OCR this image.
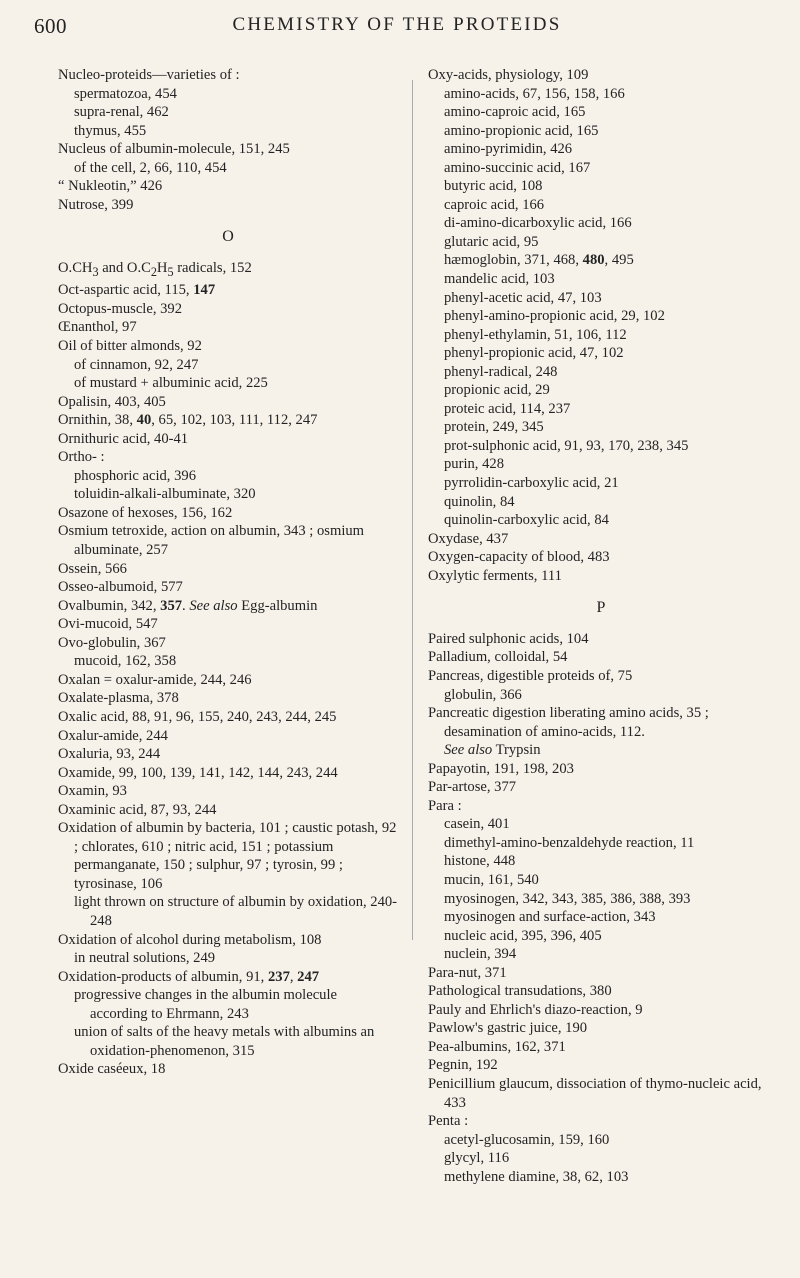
600	CHEMISTRY OF THE PROTEIDS
Nucleo-proteids—varieties of :
spermatozoa, 454
supra-renal, 462
thymus, 455
Nucleus of albumin-molecule, 151, 245
of the cell, 2, 66, 110, 454
“ Nukleotin,” 426
Nutrose, 399
O
$O.CH_3$ and $O.C_2H_5$ radicals, 152
Oct-aspartic acid, 115, 147
Octopus-muscle, 392
Œnanthol, 97
Oil of bitter almonds, 92
of cinnamon, 92, 247
of mustard + albuminic acid, 225
Opalisin, 403, 405
Ornithin, 38, 40, 65, 102, 103, 111, 112, 247
Ornithuric acid, 40-41
Ortho- :
phosphoric acid, 396
toluidin-alkali-albuminate, 320
Osazone of hexoses, 156, 162
Osmium tetroxide, action on albumin, 343 ; osmium albuminate, 257
Ossein, 566
Osseo-albumoid, 577
Ovalbumin, 342, 357. See also Egg-albumin
Ovi-mucoid, 547
Ovo-globulin, 367
mucoid, 162, 358
Oxalan = oxalur-amide, 244, 246
Oxalate-plasma, 378
Oxalic acid, 88, 91, 96, 155, 240, 243, 244, 245
Oxalur-amide, 244
Oxaluria, 93, 244
Oxamide, 99, 100, 139, 141, 142, 144, 243, 244
Oxamin, 93
Oxaminic acid, 87, 93, 244
Oxidation of albumin by bacteria, 101 ; caustic potash, 92 ; chlorates, 610 ; nitric acid, 151 ; potassium permanganate, 150 ; sulphur, 97 ; tyrosin, 99 ; tyrosinase, 106
light thrown on structure of albumin by oxidation, 240-248
Oxidation of alcohol during metabolism, 108
in neutral solutions, 249
Oxidation-products of albumin, 91, 237, 247
progressive changes in the albumin molecule according to Ehrmann, 243
union of salts of the heavy metals with albumins an oxidation-phenomenon, 315
Oxide caséeux, 18
Oxy-acids, physiology, 109
amino-acids, 67, 156, 158, 166
amino-caproic acid, 165
amino-propionic acid, 165
amino-pyrimidin, 426
amino-succinic acid, 167
butyric acid, 108
caproic acid, 166
di-amino-dicarboxylic acid, 166
glutaric acid, 95
hæmoglobin, 371, 468, 480, 495
mandelic acid, 103
phenyl-acetic acid, 47, 103
phenyl-amino-propionic acid, 29, 102
phenyl-ethylamin, 51, 106, 112
phenyl-propionic acid, 47, 102
phenyl-radical, 248
propionic acid, 29
proteic acid, 114, 237
protein, 249, 345
prot-sulphonic acid, 91, 93, 170, 238, 345
purin, 428
pyrrolidin-carboxylic acid, 21
quinolin, 84
quinolin-carboxylic acid, 84
Oxydase, 437
Oxygen-capacity of blood, 483
Oxylytic ferments, 111
P
Paired sulphonic acids, 104
Palladium, colloidal, 54
Pancreas, digestible proteids of, 75
globulin, 366
Pancreatic digestion liberating amino acids, 35 ; desamination of amino-acids, 112.
See also Trypsin
Papayotin, 191, 198, 203
Par-artose, 377
Para :
casein, 401
dimethyl-amino-benzaldehyde reaction, 11
histone, 448
mucin, 161, 540
myosinogen, 342, 343, 385, 386, 388, 393
myosinogen and surface-action, 343
nucleic acid, 395, 396, 405
nuclein, 394
Para-nut, 371
Pathological transudations, 380
Pauly and Ehrlich's diazo-reaction, 9
Pawlow's gastric juice, 190
Pea-albumins, 162, 371
Pegnin, 192
Penicillium glaucum, dissociation of thymo-nucleic acid, 433
Penta :
acetyl-glucosamin, 159, 160
glycyl, 116
methylene diamine, 38, 62, 103
